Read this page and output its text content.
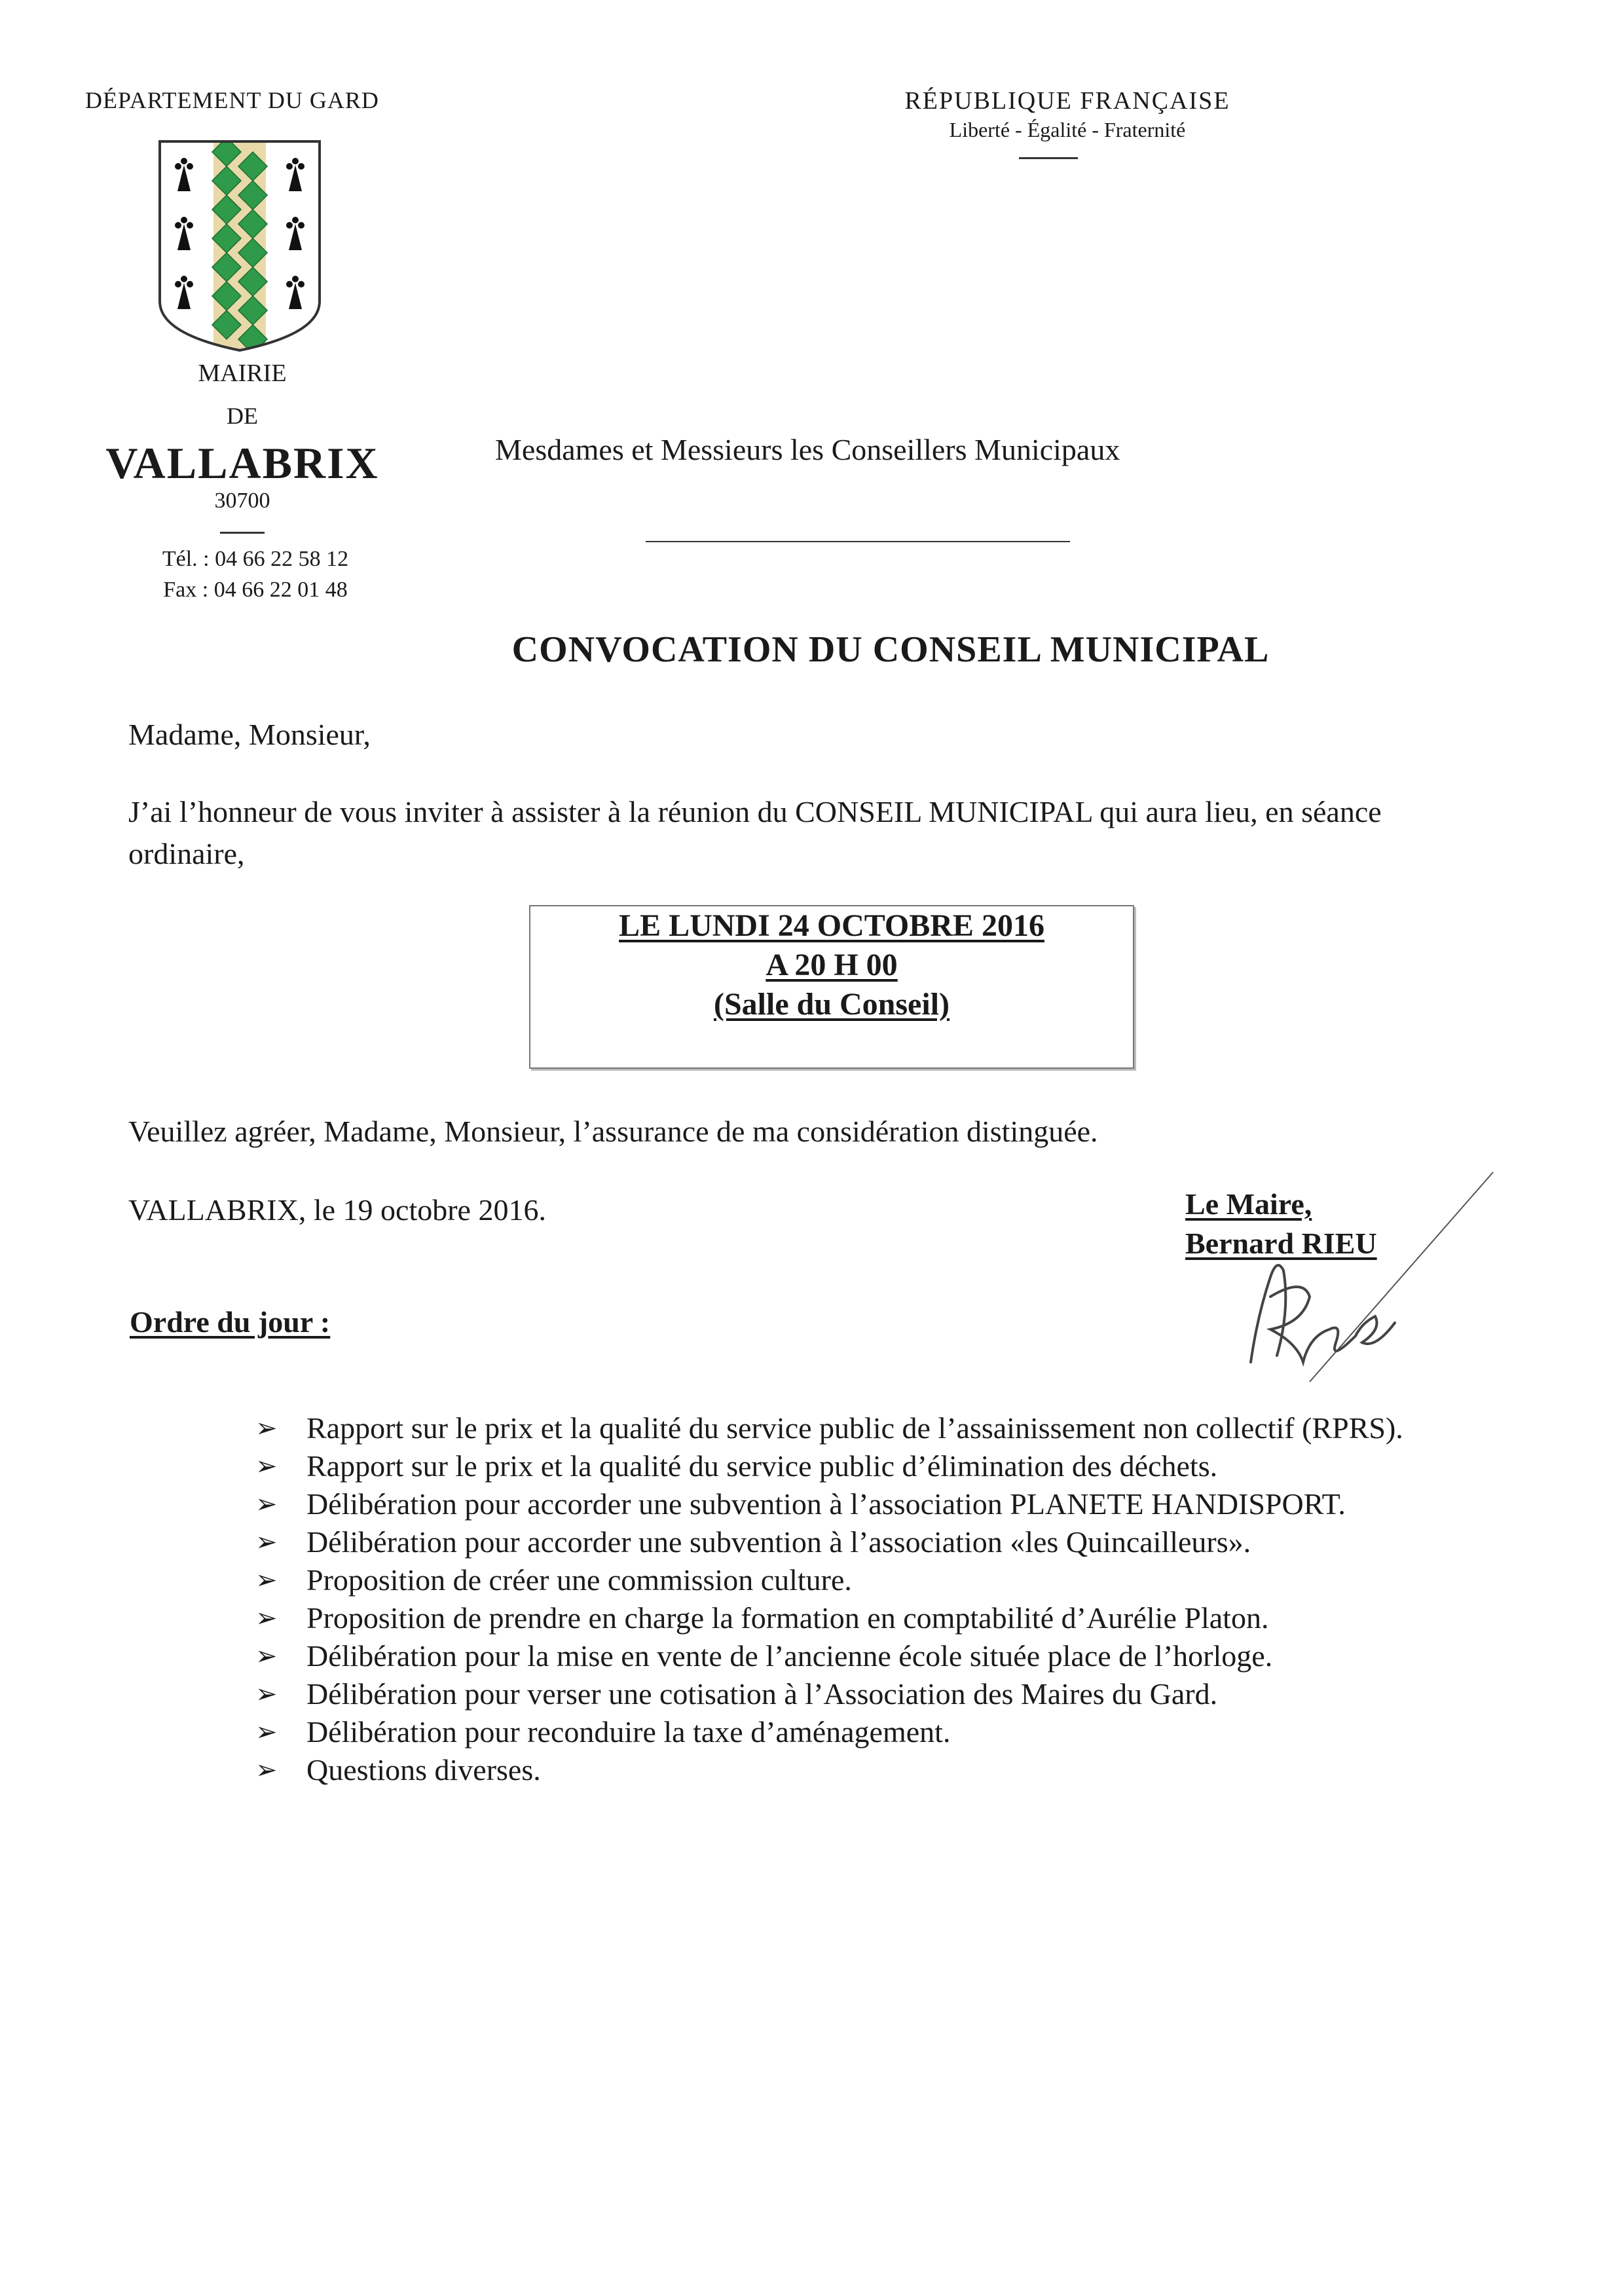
DÉPARTEMENT DU GARD
MAIRIE
DE
VALLABRIX
30700
Tél. : 04 66 22 58 12
Fax : 04 66 22 01 48
RÉPUBLIQUE FRANÇAISE
Liberté - Égalité - Fraternité
Mesdames et Messieurs les Conseillers Municipaux
CONVOCATION DU CONSEIL MUNICIPAL
Madame, Monsieur,
J’ai l’honneur de vous inviter à assister à la réunion du CONSEIL MUNICIPAL qui aura lieu, en séance ordinaire,
LE LUNDI 24 OCTOBRE 2016
A 20 H 00
(Salle du Conseil)
Veuillez agréer, Madame, Monsieur, l’assurance de ma considération distinguée.
VALLABRIX, le 19 octobre 2016.	Le Maire,
Bernard RIEU
Ordre du jour :
➢ Rapport sur le prix et la qualité du service public de l’assainissement non collectif (RPRS).
➢ Rapport sur le prix et la qualité du service public d’élimination des déchets.
➢ Délibération pour accorder une subvention à l’association PLANETE HANDISPORT.
➢ Délibération pour accorder une subvention à l’association «les Quincailleurs».
➢ Proposition de créer une commission culture.
➢ Proposition de prendre en charge la formation en comptabilité d’Aurélie Platon.
➢ Délibération pour la mise en vente de l’ancienne école située place de l’horloge.
➢ Délibération pour verser une cotisation à l’Association des Maires du Gard.
➢ Délibération pour reconduire la taxe d’aménagement.
➢ Questions diverses.
